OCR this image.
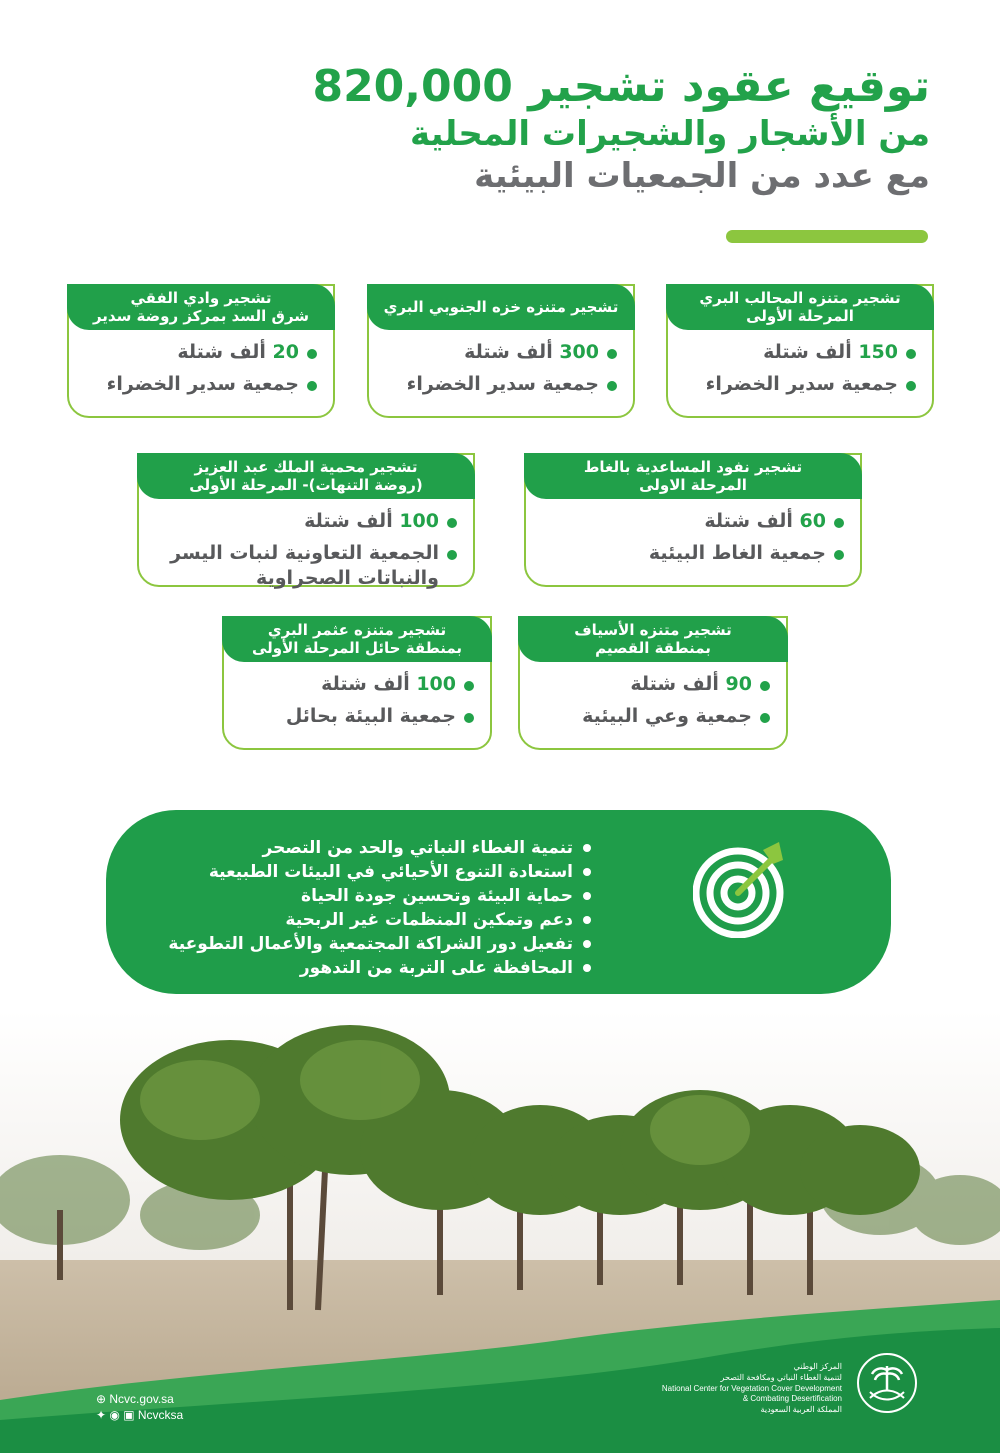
توقيع عقود تشجير 820,000
من الأشجار والشجيرات المحلية
مع عدد من الجمعيات البيئية
تشجير متنزه المحالب البري
المرحلة الأولى
150 ألف شتلة
جمعية سدير الخضراء
تشجير متنزه خزه الجنوبي البري
300 ألف شتلة
جمعية سدير الخضراء
تشجير وادي الفقي
شرق السد بمركز روضة سدير
20 ألف شتلة
جمعية سدير الخضراء
تشجير نفود المساعدية بالغاط
المرحلة الاولى
60 ألف شتلة
جمعية الغاط البيئية
تشجير محمية الملك عبد العزيز
(روضة التنهات)- المرحلة الأولى
100 ألف شتلة
الجمعية التعاونية لنبات اليسر
والنباتات الصحراوية
تشجير متنزه الأسياف
بمنطقة القصيم
90 ألف شتلة
جمعية وعي البيئية
تشجير متنزه عثمر البري
بمنطقة حائل المرحلة الأولى
100 ألف شتلة
جمعية البيئة بحائل
تنمية الغطاء النباتي والحد من التصحر
استعادة التنوع الأحيائي في البيئات الطبيعية
حماية البيئة وتحسين جودة الحياة
دعم وتمكين المنظمات غير الربحية
تفعيل دور الشراكة المجتمعية والأعمال التطوعية
المحافظة على التربة من التدهور
⊕ Ncvc.gov.sa
✦ ◉ ▣ Ncvcksa
المركز الوطني
لتنمية الغطاء النباتي ومكافحة التصحر
National Center for Vegetation Cover Development
& Combating Desertification
المملكة العربية السعودية
